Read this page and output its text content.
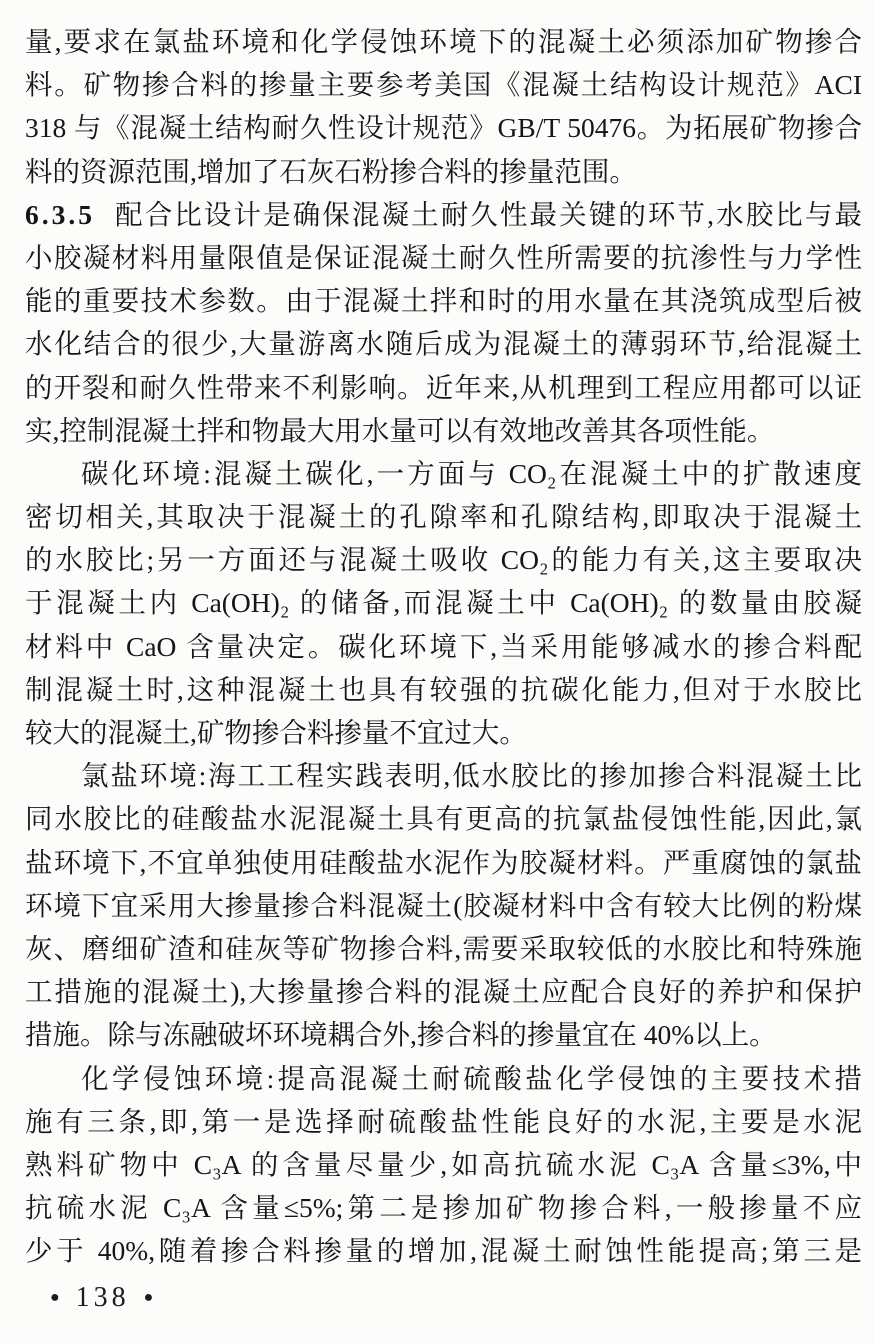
量,要求在氯盐环境和化学侵蚀环境下的混凝土必须添加矿物掺合
料。矿物掺合料的掺量主要参考美国《混凝土结构设计规范》ACI
318 与《混凝土结构耐久性设计规范》GB/T 50476。为拓展矿物掺合
料的资源范围,增加了石灰石粉掺合料的掺量范围。
6.3.5 配合比设计是确保混凝土耐久性最关键的环节,水胶比与最
小胶凝材料用量限值是保证混凝土耐久性所需要的抗渗性与力学性
能的重要技术参数。由于混凝土拌和时的用水量在其浇筑成型后被
水化结合的很少,大量游离水随后成为混凝土的薄弱环节,给混凝土
的开裂和耐久性带来不利影响。近年来,从机理到工程应用都可以证
实,控制混凝土拌和物最大用水量可以有效地改善其各项性能。
碳化环境:混凝土碳化,一方面与 CO₂在混凝土中的扩散速度
密切相关,其取决于混凝土的孔隙率和孔隙结构,即取决于混凝土
的水胶比;另一方面还与混凝土吸收 CO₂的能力有关,这主要取决
于混凝土内 Ca(OH)₂ 的储备,而混凝土中 Ca(OH)₂ 的数量由胶凝
材料中 CaO 含量决定。碳化环境下,当采用能够减水的掺合料配
制混凝土时,这种混凝土也具有较强的抗碳化能力,但对于水胶比
较大的混凝土,矿物掺合料掺量不宜过大。
氯盐环境:海工工程实践表明,低水胶比的掺加掺合料混凝土比
同水胶比的硅酸盐水泥混凝土具有更高的抗氯盐侵蚀性能,因此,氯
盐环境下,不宜单独使用硅酸盐水泥作为胶凝材料。严重腐蚀的氯盐
环境下宜采用大掺量掺合料混凝土(胶凝材料中含有较大比例的粉煤
灰、磨细矿渣和硅灰等矿物掺合料,需要采取较低的水胶比和特殊施
工措施的混凝土),大掺量掺合料的混凝土应配合良好的养护和保护
措施。除与冻融破坏环境耦合外,掺合料的掺量宜在 40%以上。
化学侵蚀环境:提高混凝土耐硫酸盐化学侵蚀的主要技术措
施有三条,即,第一是选择耐硫酸盐性能良好的水泥,主要是水泥
熟料矿物中 C₃A 的含量尽量少,如高抗硫水泥 C₃A 含量≤3%,中
抗硫水泥 C₃A 含量≤5%;第二是掺加矿物掺合料,一般掺量不应
少于 40%,随着掺合料掺量的增加,混凝土耐蚀性能提高;第三是
● 138 ●
